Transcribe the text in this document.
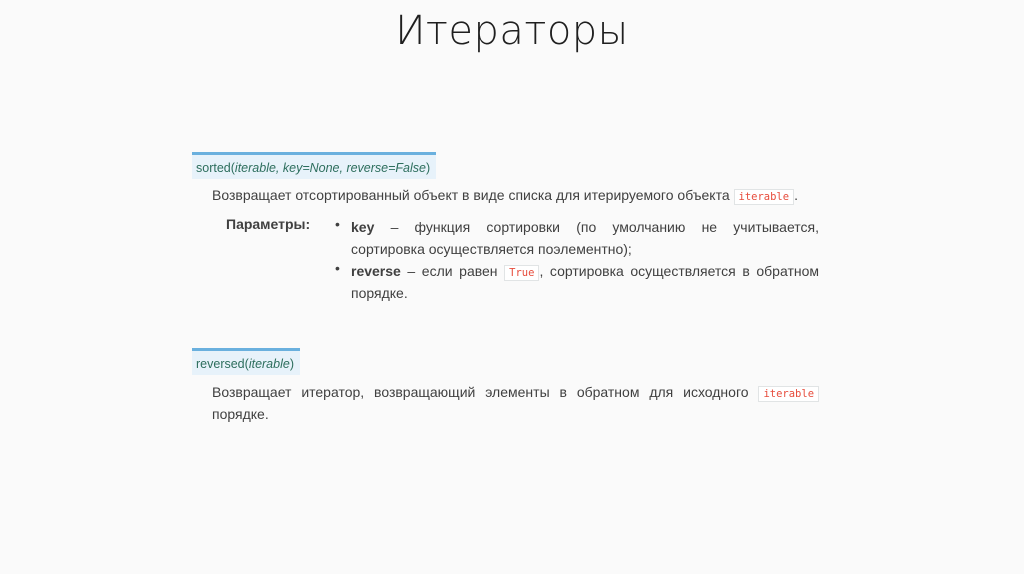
Итераторы
sorted(iterable, key=None, reverse=False)
Возвращает отсортированный объект в виде списка для итерируемого объекта iterable .
Параметры: • key – функция сортировки (по умолчанию не учитывается,
сортировка осуществляется поэлементно);
• reverse – если равен True , сортировка осуществляется в обратном
порядке.
reversed(iterable)
Возвращает итератор, возвращающий элементы в обратном для исходного iterable
порядке.
